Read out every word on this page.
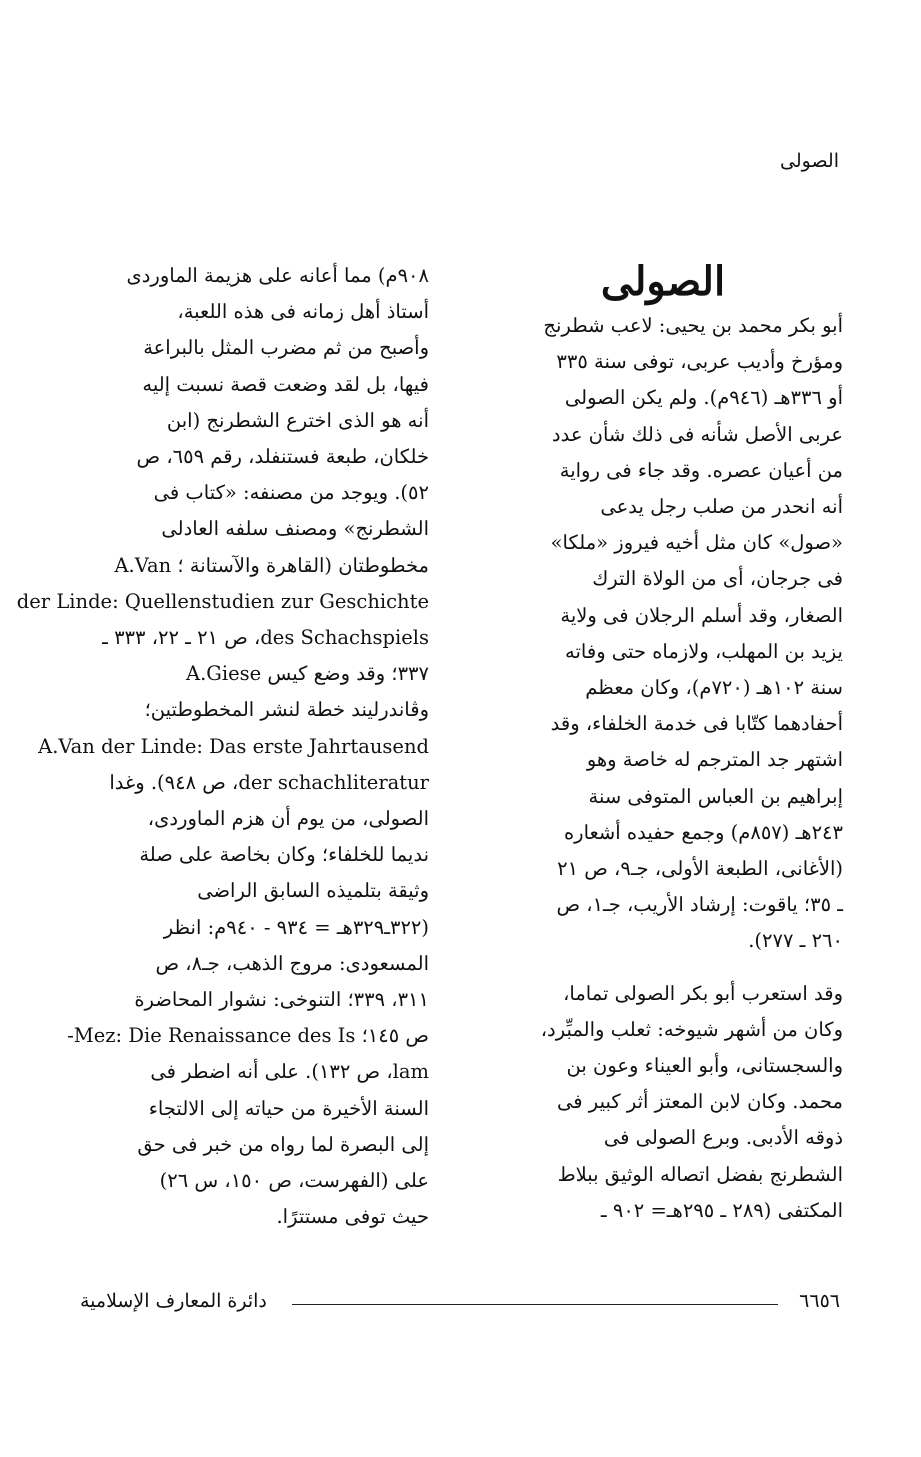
الصولى
الصولى

أبو بكر محمد بن يحيى: لاعب شطرنج
ومؤرخ وأديب عربى، توفى سنة ٣٣٥
أو ٣٣٦هـ (٩٤٦م). ولم يكن الصولى
عربى الأصل شأنه فى ذلك شأن عدد
من أعيان عصره. وقد جاء فى رواية
أنه انحدر من صلب رجل يدعى
«صول» كان مثل أخيه فيروز «ملكا»
فى جرجان، أى من الولاة الترك
الصغار، وقد أسلم الرجلان فى ولاية
يزيد بن المهلب، ولازماه حتى وفاته
سنة ١٠٢هـ (٧٢٠م)، وكان معظم
أحفادهما كتّابا فى خدمة الخلفاء، وقد
اشتهر جد المترجم له خاصة وهو
إبراهيم بن العباس المتوفى سنة
٢٤٣هـ (٨٥٧م) وجمع حفيده أشعاره
(الأغانى، الطبعة الأولى، جـ٩، ص ٢١
ـ ٣٥؛ ياقوت: إرشاد الأريب، جـ١، ص
٢٦٠ ـ ٢٧٧).

وقد استعرب أبو بكر الصولى تماما،
وكان من أشهر شيوخه: ثعلب والمبِّرد،
والسجستانى، وأبو العيناء وعون بن
محمد. وكان لابن المعتز أثر كبير فى
ذوقه الأدبى. وبرع الصولى فى
الشطرنج بفضل اتصاله الوثيق ببلاط
المكتفى (٢٨٩ ـ ٢٩٥هـ= ٩٠٢ ـ

٩٠٨م) مما أعانه على هزيمة الماوردى
أستاذ أهل زمانه فى هذه اللعبة،
وأصبح من ثم مضرب المثل بالبراعة
فيها، بل لقد وضعت قصة نسبت إليه
أنه هو الذى اخترع الشطرنج (ابن
خلكان، طبعة فستنفلد، رقم ٦٥٩، ص
٥٢). ويوجد من مصنفه: «كتاب فى
الشطرنج» ومصنف سلفه العادلى
مخطوطتان (القاهرة والآستانة ؛ A.Van
der Linde: Quellenstudien zur Geschichte
des Schachspiels، ص ٢١ ـ ٢٢، ٣٣٣ ـ
٣٣٧؛ وقد وضع كيس A.Giese
وڤاندرليند خطة لنشر المخطوطتين؛
A.Van der Linde: Das erste Jahrtausend
der schachliteratur، ص ٩٤٨). وغدا
الصولى، من يوم أن هزم الماوردى،
نديما للخلفاء؛ وكان بخاصة على صلة
وثيقة بتلميذه السابق الراضى
(٣٢٢ـ٣٢٩هـ = ٩٣٤ - ٩٤٠م: انظر
المسعودى: مروج الذهب، جـ٨، ص
٣١١، ٣٣٩؛ التنوخى: نشوار المحاضرة
ص ١٤٥؛ Mez: Die Renaissance des Is-
lam، ص ١٣٢). على أنه اضطر فى
السنة الأخيرة من حياته إلى الالتجاء
إلى البصرة لما رواه من خبر فى حق
على (الفهرست، ص ١٥٠، س ٢٦)
حيث توفى مستترًا.
٦٦٥٦
دائرة المعارف الإسلامية
